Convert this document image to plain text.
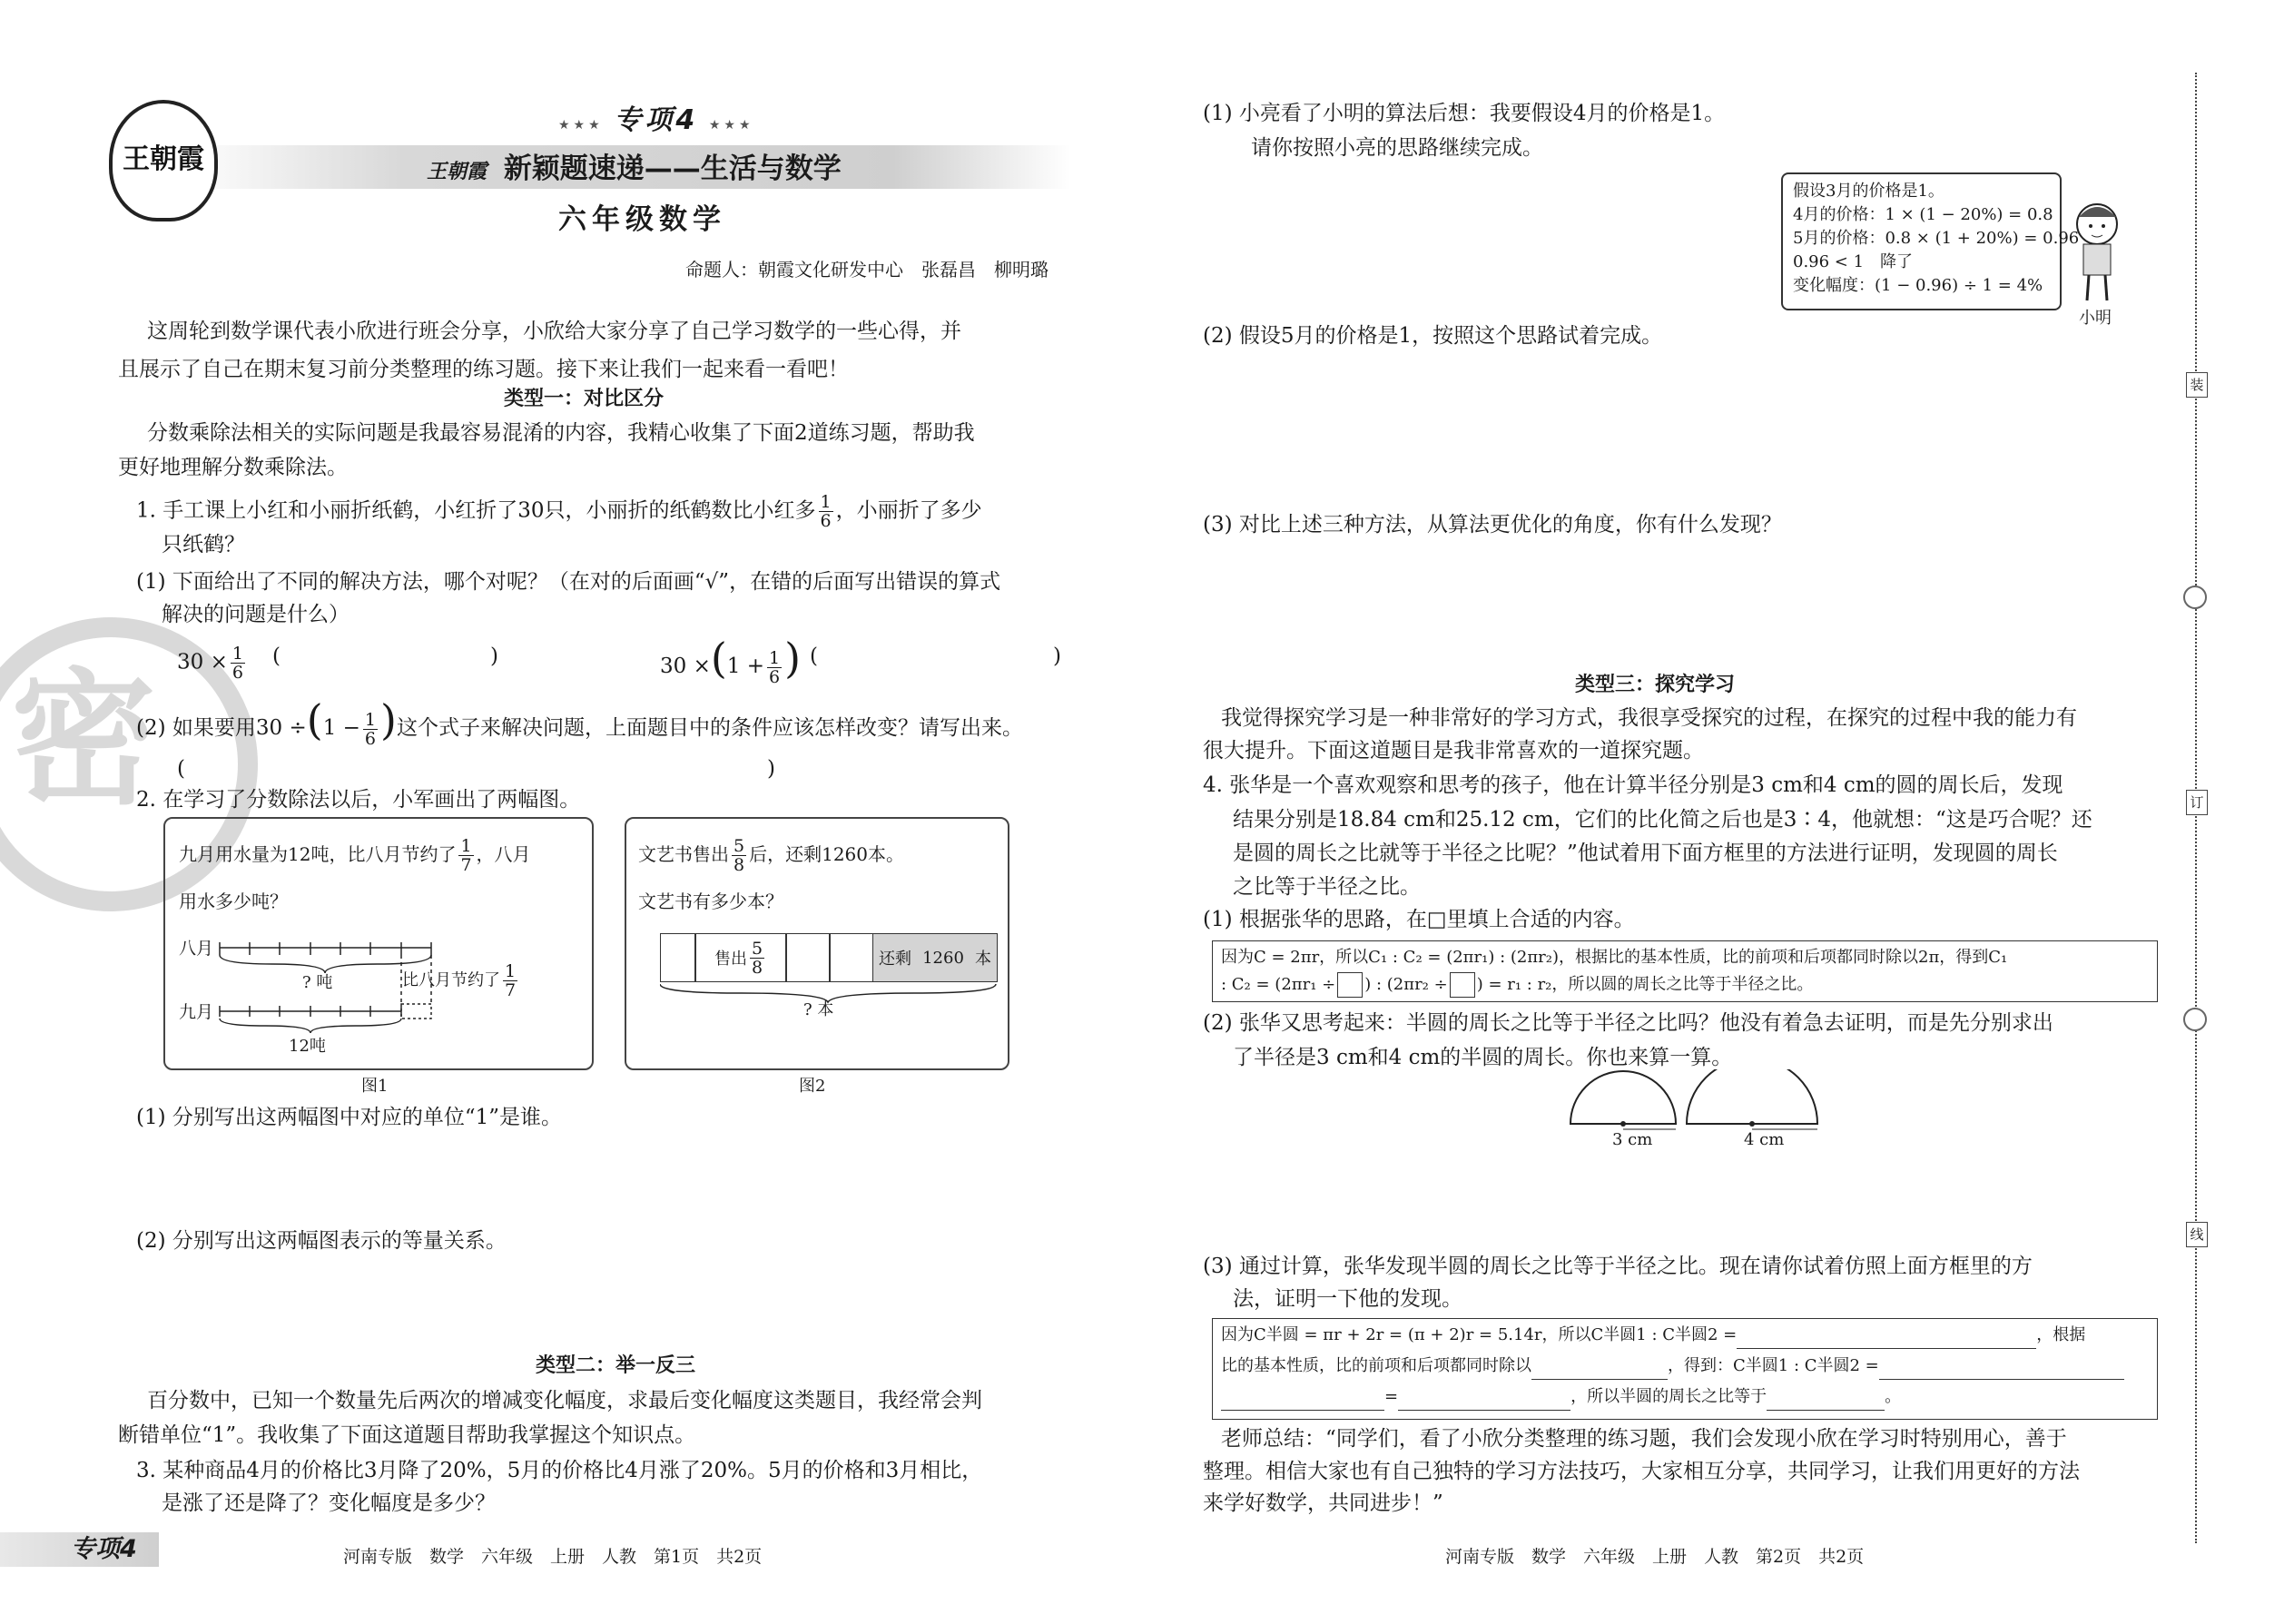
王朝霞
★★★ 专项4 ★★★
王朝霞 新颖题速递——生活与数学
六年级数学
命题人：朝霞文化研发中心　张磊昌　柳明璐
密
这周轮到数学课代表小欣进行班会分享，小欣给大家分享了自己学习数学的一些心得，并
且展示了自己在期末复习前分类整理的练习题。接下来让我们一起来看一看吧！
类型一：对比区分
分数乘除法相关的实际问题是我最容易混淆的内容，我精心收集了下面2道练习题，帮助我
更好地理解分数乘除法。
1. 手工课上小红和小丽折纸鹤，小红折了30只，小丽折的纸鹤数比小红多 $\frac{1}{6}$ ，小丽折了多少
只纸鹤？
(1) 下面给出了不同的解决方法，哪个对呢？（在对的后面画“√”，在错的后面写出错误的算式
解决的问题是什么）
$30 \times \frac{1}{6}$ (	)	$30 \times(1 + \frac{1}{6}$ ) (	)
(2) 如果要用$30 \div(1 - \frac{1}{6}$ )这个式子来解决问题，上面题目中的条件应该怎样改变？请写出来。
(	)
2. 在学习了分数除法以后，小军画出了两幅图。
九月用水量为12吨，比八月节约了 $\frac{1}{7}$ ，八月
用水多少吨？
八月
九月
? 吨	比八月节约了 $\frac{1}{7}$
12吨
图1
文艺书售出 $\frac{5}{8}$ 后，还剩1260本。
文艺书有多少本？
售出 $\frac{5}{8}$	还剩 1260 本
? 本
图2
(1) 分别写出这两幅图中对应的单位“1”是谁。
(2) 分别写出这两幅图表示的等量关系。
类型二：举一反三
百分数中，已知一个数量先后两次的增减变化幅度，求最后变化幅度这类题目，我经常会判
断错单位“1”。我收集了下面这道题目帮助我掌握这个知识点。
3. 某种商品4月的价格比3月降了20%，5月的价格比4月涨了20%。5月的价格和3月相比，
是涨了还是降了？变化幅度是多少？
专项4	河南专版　数学　六年级　上册　人教　第1页　共2页
(1) 小亮看了小明的算法后想：我要假设4月的价格是1。
请你按照小亮的思路继续完成。
假设3月的价格是1。
4月的价格：1 × (1 − 20%) = 0.8
5月的价格：0.8 × (1 + 20%) = 0.96
0.96 < 1　降了
变化幅度：(1 − 0.96) ÷ 1 = 4%
小明
(2) 假设5月的价格是1，按照这个思路试着完成。
(3) 对比上述三种方法，从算法更优化的角度，你有什么发现？
类型三：探究学习
我觉得探究学习是一种非常好的学习方式，我很享受探究的过程，在探究的过程中我的能力有
很大提升。下面这道题目是我非常喜欢的一道探究题。
4. 张华是一个喜欢观察和思考的孩子，他在计算半径分别是3 cm和4 cm的圆的周长后，发现
结果分别是18.84 cm和25.12 cm，它们的比化简之后也是3∶4，他就想：“这是巧合呢？还
是圆的周长之比就等于半径之比呢？”他试着用下面方框里的方法进行证明，发现圆的周长
之比等于半径之比。
(1) 根据张华的思路，在□里填上合适的内容。
因为C = 2πr，所以C₁ : C₂ = (2πr₁) : (2πr₂)，根据比的基本性质，比的前项和后项都同时除以2π，得到C₁
: C₂ = (2πr₁ ÷ ) : (2πr₂ ÷ ) = r₁ : r₂，所以圆的周长之比等于半径之比。
(2) 张华又思考起来：半圆的周长之比等于半径之比吗？他没有着急去证明，而是先分别求出
了半径是3 cm和4 cm的半圆的周长。你也来算一算。
3 cm	4 cm
(3) 通过计算，张华发现半圆的周长之比等于半径之比。现在请你试着仿照上面方框里的方
法，证明一下他的发现。
因为C半圆 = πr + 2r = (π + 2)r = 5.14r，所以C半圆1 : C半圆2 =	，根据
比的基本性质，比的前项和后项都同时除以	，得到：C半圆1 : C半圆2 =
=	，所以半圆的周长之比等于	。
老师总结：“同学们，看了小欣分类整理的练习题，我们会发现小欣在学习时特别用心，善于
整理。相信大家也有自己独特的学习方法技巧，大家相互分享，共同学习，让我们用更好的方法
来学好数学，共同进步！”
河南专版　数学　六年级　上册　人教　第2页　共2页
装
订
线
